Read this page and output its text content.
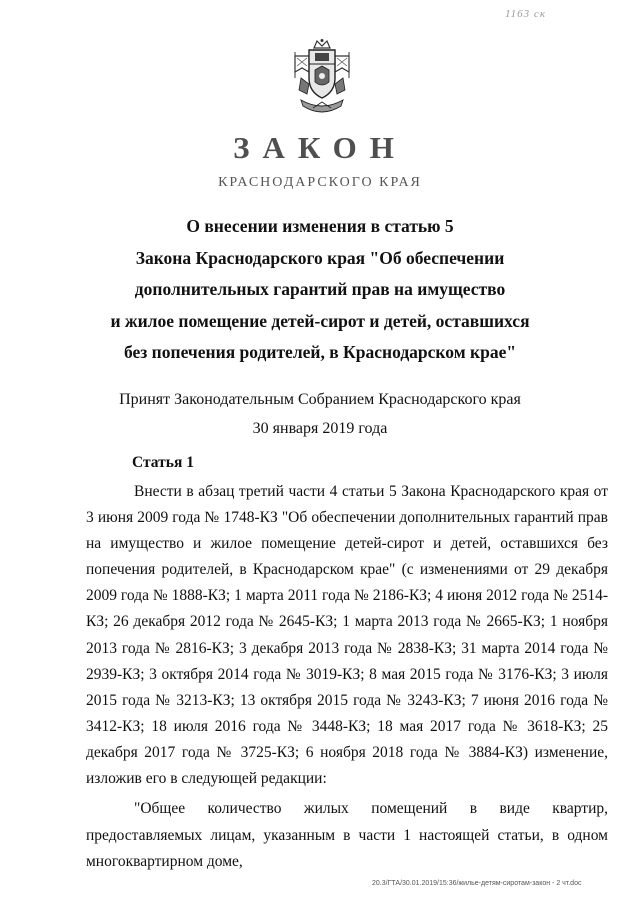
1163 ск
ЗАКОН
КРАСНОДАРСКОГО КРАЯ
О внесении изменения в статью 5
Закона Краснодарского края "Об обеспечении
дополнительных гарантий прав на имущество
и жилое помещение детей-сирот и детей, оставшихся
без попечения родителей, в Краснодарском крае"
Принят Законодательным Собранием Краснодарского края
30 января 2019 года
Статья 1

Внести в абзац третий части 4 статьи 5 Закона Краснодарского края от 3 июня 2009 года № 1748-КЗ "Об обеспечении дополнительных гарантий прав на имущество и жилое помещение детей-сирот и детей, оставшихся без попечения родителей, в Краснодарском крае" (с изменениями от 29 декабря 2009 года № 1888-КЗ; 1 марта 2011 года № 2186-КЗ; 4 июня 2012 года № 2514-КЗ; 26 декабря 2012 года № 2645-КЗ; 1 марта 2013 года № 2665-КЗ; 1 ноября 2013 года № 2816-КЗ; 3 декабря 2013 года № 2838-КЗ; 31 марта 2014 года № 2939-КЗ; 3 октября 2014 года № 3019-КЗ; 8 мая 2015 года № 3176-КЗ; 3 июля 2015 года № 3213-КЗ; 13 октября 2015 года № 3243-КЗ; 7 июня 2016 года № 3412-КЗ; 18 июля 2016 года № 3448-КЗ; 18 мая 2017 года № 3618-КЗ; 25 декабря 2017 года № 3725-КЗ; 6 ноября 2018 года № 3884-КЗ) изменение, изложив его в следующей редакции:

"Общее количество жилых помещений в виде квартир, предоставляемых лицам, указанным в части 1 настоящей статьи, в одном многоквартирном доме,

20.3/ГТА/30.01.2019/15:36/жилье-детям-сиротам-закон - 2 чт.doc
